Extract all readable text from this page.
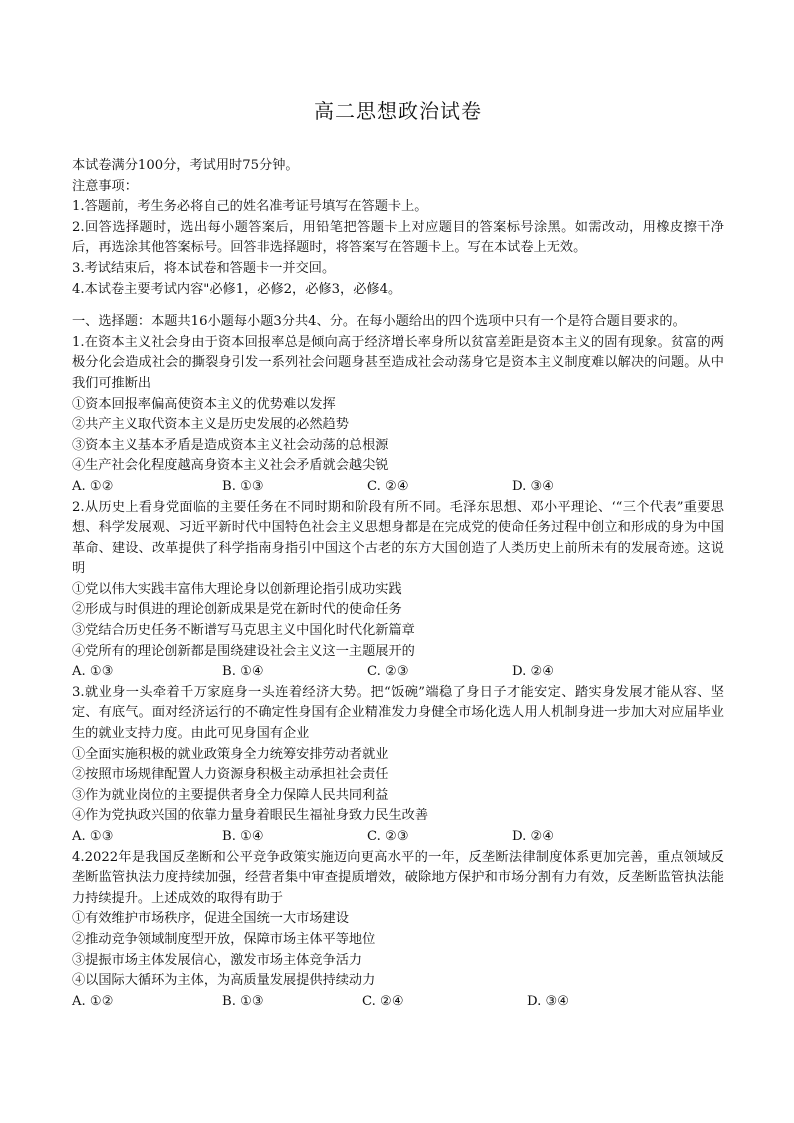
高二思想政治试卷
本试卷满分100分，考试用时75分钟。
注意事项：
1.答题前，考生务必将自己的姓名准考证号填写在答题卡上。
2.回答选择题时，选出每小题答案后，用铅笔把答题卡上对应题目的答案标号涂黑。如需改动，用橡皮擦干净后，再选涂其他答案标号。回答非选择题时，将答案写在答题卡上。写在本试卷上无效。
3.考试结束后，将本试卷和答题卡一并交回。
4.本试卷主要考试内容"必修1，必修2，必修3，必修4。
一、选择题：本题共16小题每小题3分共4、分。在每小题给出的四个选项中只有一个是符合题目要求的。
1.在资本主义社会身由于资本回报率总是倾向高于经济增长率身所以贫富差距是资本主义的固有现象。贫富的两极分化会造成社会的撕裂身引发一系列社会问题身甚至造成社会动荡身它是资本主义制度难以解决的问题。从中我们可推断出
①资本回报率偏高使资本主义的优势难以发挥
②共产主义取代资本主义是历史发展的必然趋势
③资本主义基本矛盾是造成资本主义社会动荡的总根源
④生产社会化程度越高身资本主义社会矛盾就会越尖锐
A. ①②	B. ①③	C. ②④	D. ③④
2.从历史上看身党面临的主要任务在不同时期和阶段有所不同。毛泽东思想、邓小平理论、‘“三个代表”重要思想、科学发展观、习近平新时代中国特色社会主义思想身都是在完成党的使命任务过程中创立和形成的身为中国革命、建设、改革提供了科学指南身指引中国这个古老的东方大国创造了人类历史上前所未有的发展奇迹。这说明
①党以伟大实践丰富伟大理论身以创新理论指引成功实践
②形成与时俱进的理论创新成果是党在新时代的使命任务
③党结合历史任务不断谱写马克思主义中国化时代化新篇章
④党所有的理论创新都是围绕建设社会主义这一主题展开的
A. ①③	B. ①④	C. ②③	D. ②④
3.就业身一头牵着千万家庭身一头连着经济大势。把“饭碗”端稳了身日子才能安定、踏实身发展才能从容、坚定、有底气。面对经济运行的不确定性身国有企业精准发力身健全市场化选人用人机制身进一步加大对应届毕业生的就业支持力度。由此可见身国有企业
①全面实施积极的就业政策身全力统筹安排劳动者就业
②按照市场规律配置人力资源身积极主动承担社会责任
③作为就业岗位的主要提供者身全力保障人民共同利益
④作为党执政兴国的依靠力量身着眼民生福祉身致力民生改善
A. ①③	B. ①④	C. ②③	D. ②④
4.2022年是我国反垄断和公平竞争政策实施迈向更高水平的一年，反垄断法律制度体系更加完善，重点领域反垄断监管执法力度持续加强，经营者集中审查提质增效，破除地方保护和市场分割有力有效，反垄断监管执法能力持续提升。上述成效的取得有助于
①有效维护市场秩序，促进全国统一大市场建设
②推动竞争领域制度型开放，保障市场主体平等地位
③提振市场主体发展信心，激发市场主体竞争活力
④以国际大循环为主体，为高质量发展提供持续动力
A. ①②	B. ①③	C. ②④	D. ③④
